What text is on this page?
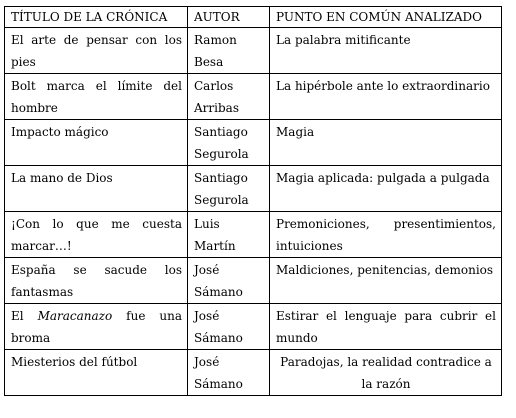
TÍTULO DE LA CRÓNICA	AUTOR	PUNTO EN COMÚN ANALIZADO
El arte de pensar con los pies	Ramon Besa	La palabra mitificante
Bolt marca el límite del hombre	Carlos Arribas	La hipérbole ante lo extraordinario
Impacto mágico	Santiago Segurola	Magia
La mano de Dios	Santiago Segurola	Magia aplicada: pulgada a pulgada
¡Con lo que me cuesta marcar…!	Luis Martín	Premoniciones, presentimientos, intuiciones
España se sacude los fantasmas	José Sámano	Maldiciones, penitencias, demonios
El Maracanazo fue una broma	José Sámano	Estirar el lenguaje para cubrir el mundo
Miesterios del fútbol	José Sámano	Paradojas, la realidad contradice a la razón
